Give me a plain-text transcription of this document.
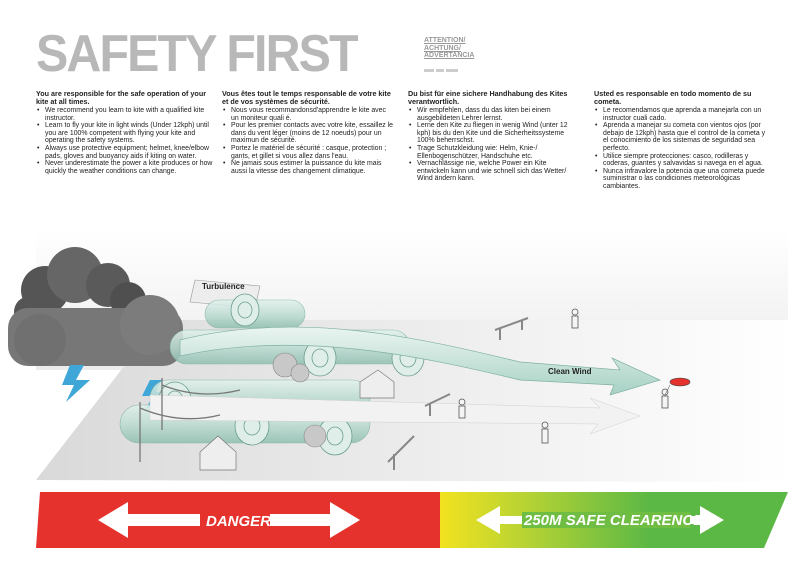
SAFETY FIRST	ATTENTION/
ACHTUNG/
ADVERTANCIA
You are responsible for the safe operation of your kite at all times.
• We recommend you learn to kite with a qualified kite instructor.
• Learn to fly your kite in light winds (Under 12kph) until you are 100% competent with flying your kite and operating the safety systems.
• Always use protective equipment; helmet, knee/elbow pads, gloves and buoyancy aids if kiting on water.
• Never underestimate the power a kite produces or how quickly the weather conditions can change.
Vous êtes tout le temps responsable de votre kite et de vos systèmes de sécurité.
• Nous vous recommandonsd'apprendre le kite avec un moniteur quali é.
• Pour les premier contacts avec votre kite, essaillez le dans du vent léger (moins de 12 noeuds) pour un maximun de sécurité.
• Portez le matériel de sécurité : casque, protection ; gants, et gillet si vous allez dans l'eau.
• Ne jamais sous estimer la puissance du kite mais aussi la vitesse des changement climatique.
Du bist für eine sichere Handhabung des Kites verantwortlich.
• Wir empfehlen, dass du das kiten bei einem ausgebildeten Lehrer lernst.
• Lerne den Kite zu fliegen in wenig Wind (unter 12 kph) bis du den Kite und die Sicherheitssysteme 100% beherrschst.
• Trage Schutzkleidung wie: Helm, Knie-/ Ellenbogenschützer, Handschuhe etc.
• Vernachlässige nie, welche Power ein Kite entwickeln kann und wie schnell sich das Wetter/ Wind ändern kann.
Usted es responsable en todo momento de su cometa.
• Le recomendamos que aprenda a manejarla con un instructor cuali cado.
• Aprenda a manejar su cometa con vientos ojos (por debajo de 12kph) hasta que el control de la cometa y el conocimiento de los sistemas de seguridad sea perfecto.
• Utilice siempre protecciones: casco, rodilleras y coderas, guantes y salvavidas si navega en el agua.
• Nunca infravalore la potencia que una cometa puede suministrar o las condiciones meteorológicas cambiantes.
Turbulence
Clean Wind
DANGER	250M SAFE CLEARENCE
